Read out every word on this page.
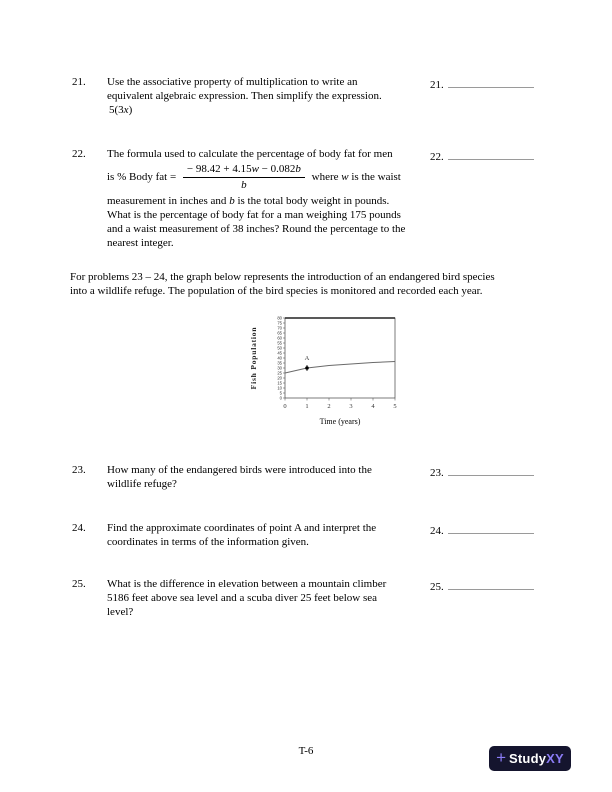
21. Use the associative property of multiplication to write an
equivalent algebraic expression. Then simplify the expression.
5(3x)
21.
22. The formula used to calculate the percentage of body fat for men
is % Body fat = $\frac{- 98.42 + 4.15w - 0.082b}{b}$ where w is the waist
measurement in inches and b is the total body weight in pounds.
What is the percentage of body fat for a man weighing 175 pounds
and a waist measurement of 38 inches? Round the percentage to the
nearest integer.
22.
For problems 23 – 24, the graph below represents the introduction of an endangered bird species
into a wildlife refuge. The population of the bird species is monitored and recorded each year.
0
5
10
15
20
25
30
35
40
45
50
55
60
65
70
75
80
0	1	2	3	4	5
A
Time (years)
Fish Population
23. How many of the endangered birds were introduced into the
wildlife refuge?
23.
24. Find the approximate coordinates of point A and interpret the
coordinates in terms of the information given.
24.
25. What is the difference in elevation between a mountain climber
5186 feet above sea level and a scuba diver 25 feet below sea
level?
25.
T-6	+ Study XY
